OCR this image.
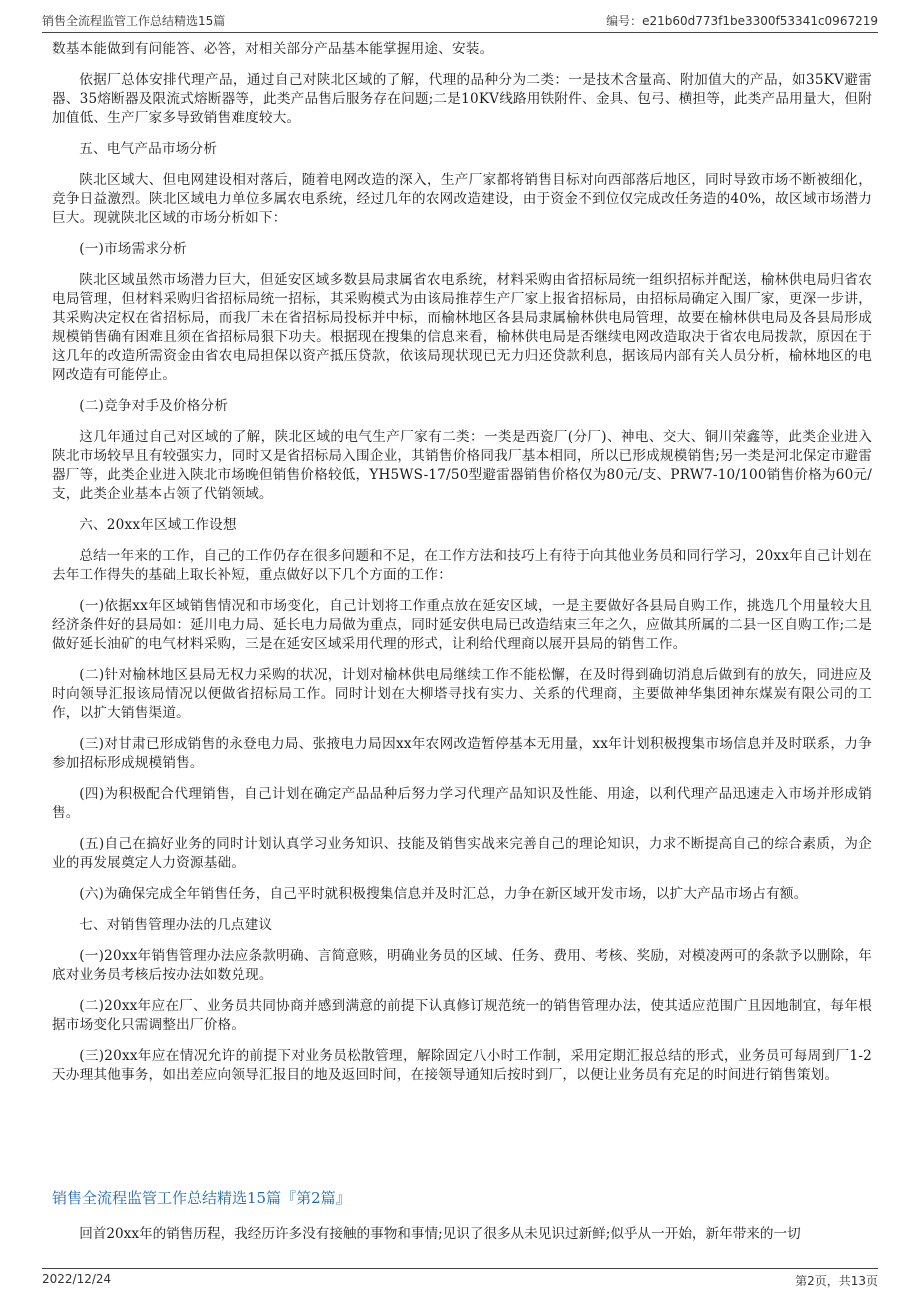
销售全流程监管工作总结精选15篇	编号：e21b60d773f1be3300f53341c0967219

数基本能做到有问能答、必答，对相关部分产品基本能掌握用途、安装。

依据厂总体安排代理产品，通过自己对陕北区域的了解，代理的品种分为二类：一是技术含量高、附加值大的产品，如35KV避雷器、35熔断器及限流式熔断器等，此类产品售后服务存在问题;二是10KV线路用铁附件、金具、包弓、横担等，此类产品用量大，但附加值低、生产厂家多导致销售难度较大。

五、电气产品市场分析

陕北区域大、但电网建设相对落后，随着电网改造的深入，生产厂家都将销售目标对向西部落后地区，同时导致市场不断被细化，竞争日益激烈。陕北区域电力单位多属农电系统，经过几年的农网改造建设，由于资金不到位仅完成改任务造的40%，故区域市场潜力巨大。现就陕北区域的市场分析如下：

(一)市场需求分析

陕北区域虽然市场潜力巨大，但延安区域多数县局隶属省农电系统，材料采购由省招标局统一组织招标并配送，榆林供电局归省农电局管理，但材料采购归省招标局统一招标，其采购模式为由该局推荐生产厂家上报省招标局，由招标局确定入围厂家，更深一步讲，其采购决定权在省招标局，而我厂未在省招标局投标并中标，而榆林地区各县局隶属榆林供电局管理，故要在榆林供电局及各县局形成规模销售确有困难且须在省招标局狠下功夫。根据现在搜集的信息来看，榆林供电局是否继续电网改造取决于省农电局拨款，原因在于这几年的改造所需资金由省农电局担保以资产抵压贷款，依该局现状现已无力归还贷款利息，据该局内部有关人员分析，榆林地区的电网改造有可能停止。

(二)竞争对手及价格分析

这几年通过自己对区域的了解，陕北区域的电气生产厂家有二类：一类是西瓷厂(分厂)、神电、交大、铜川荣鑫等，此类企业进入陕北市场较早且有较强实力，同时又是省招标局入围企业，其销售价格同我厂基本相同，所以已形成规模销售;另一类是河北保定市避雷器厂等，此类企业进入陕北市场晚但销售价格较低，YH5WS-17/50型避雷器销售价格仅为80元/支、PRW7-10/100销售价格为60元/支，此类企业基本占领了代销领域。

六、20xx年区域工作设想

总结一年来的工作，自己的工作仍存在很多问题和不足，在工作方法和技巧上有待于向其他业务员和同行学习，20xx年自己计划在去年工作得失的基础上取长补短，重点做好以下几个方面的工作：

(一)依据xx年区域销售情况和市场变化，自己计划将工作重点放在延安区域，一是主要做好各县局自购工作，挑选几个用量较大且经济条件好的县局如：延川电力局、延长电力局做为重点，同时延安供电局已改造结束三年之久，应做其所属的二县一区自购工作;二是做好延长油矿的电气材料采购，三是在延安区域采用代理的形式，让利给代理商以展开县局的销售工作。

(二)针对榆林地区县局无权力采购的状况，计划对榆林供电局继续工作不能松懈，在及时得到确切消息后做到有的放矢，同进应及时向领导汇报该局情况以便做省招标局工作。同时计划在大柳塔寻找有实力、关系的代理商，主要做神华集团神东煤炭有限公司的工作，以扩大销售渠道。

(三)对甘肃已形成销售的永登电力局、张掖电力局因xx年农网改造暂停基本无用量，xx年计划积极搜集市场信息并及时联系，力争参加招标形成规模销售。

(四)为积极配合代理销售，自己计划在确定产品品种后努力学习代理产品知识及性能、用途，以利代理产品迅速走入市场并形成销售。

(五)自己在搞好业务的同时计划认真学习业务知识、技能及销售实战来完善自己的理论知识，力求不断提高自己的综合素质，为企业的再发展奠定人力资源基础。

(六)为确保完成全年销售任务，自己平时就积极搜集信息并及时汇总，力争在新区域开发市场，以扩大产品市场占有额。

七、对销售管理办法的几点建议

(一)20xx年销售管理办法应条款明确、言简意赅，明确业务员的区域、任务、费用、考核、奖励，对模凌两可的条款予以删除，年底对业务员考核后按办法如数兑现。

(二)20xx年应在厂、业务员共同协商并感到满意的前提下认真修订规范统一的销售管理办法，使其适应范围广且因地制宜，每年根据市场变化只需调整出厂价格。

(三)20xx年应在情况允许的前提下对业务员松散管理，解除固定八小时工作制，采用定期汇报总结的形式，业务员可每周到厂1-2天办理其他事务，如出差应向领导汇报目的地及返回时间，在接领导通知后按时到厂，以便让业务员有充足的时间进行销售策划。

销售全流程监管工作总结精选15篇『第2篇』
回首20xx年的销售历程，我经历许多没有接触的事物和事情;见识了很多从未见识过新鲜;似乎从一开始，新年带来的一切
2022/12/24	第2页，共13页
